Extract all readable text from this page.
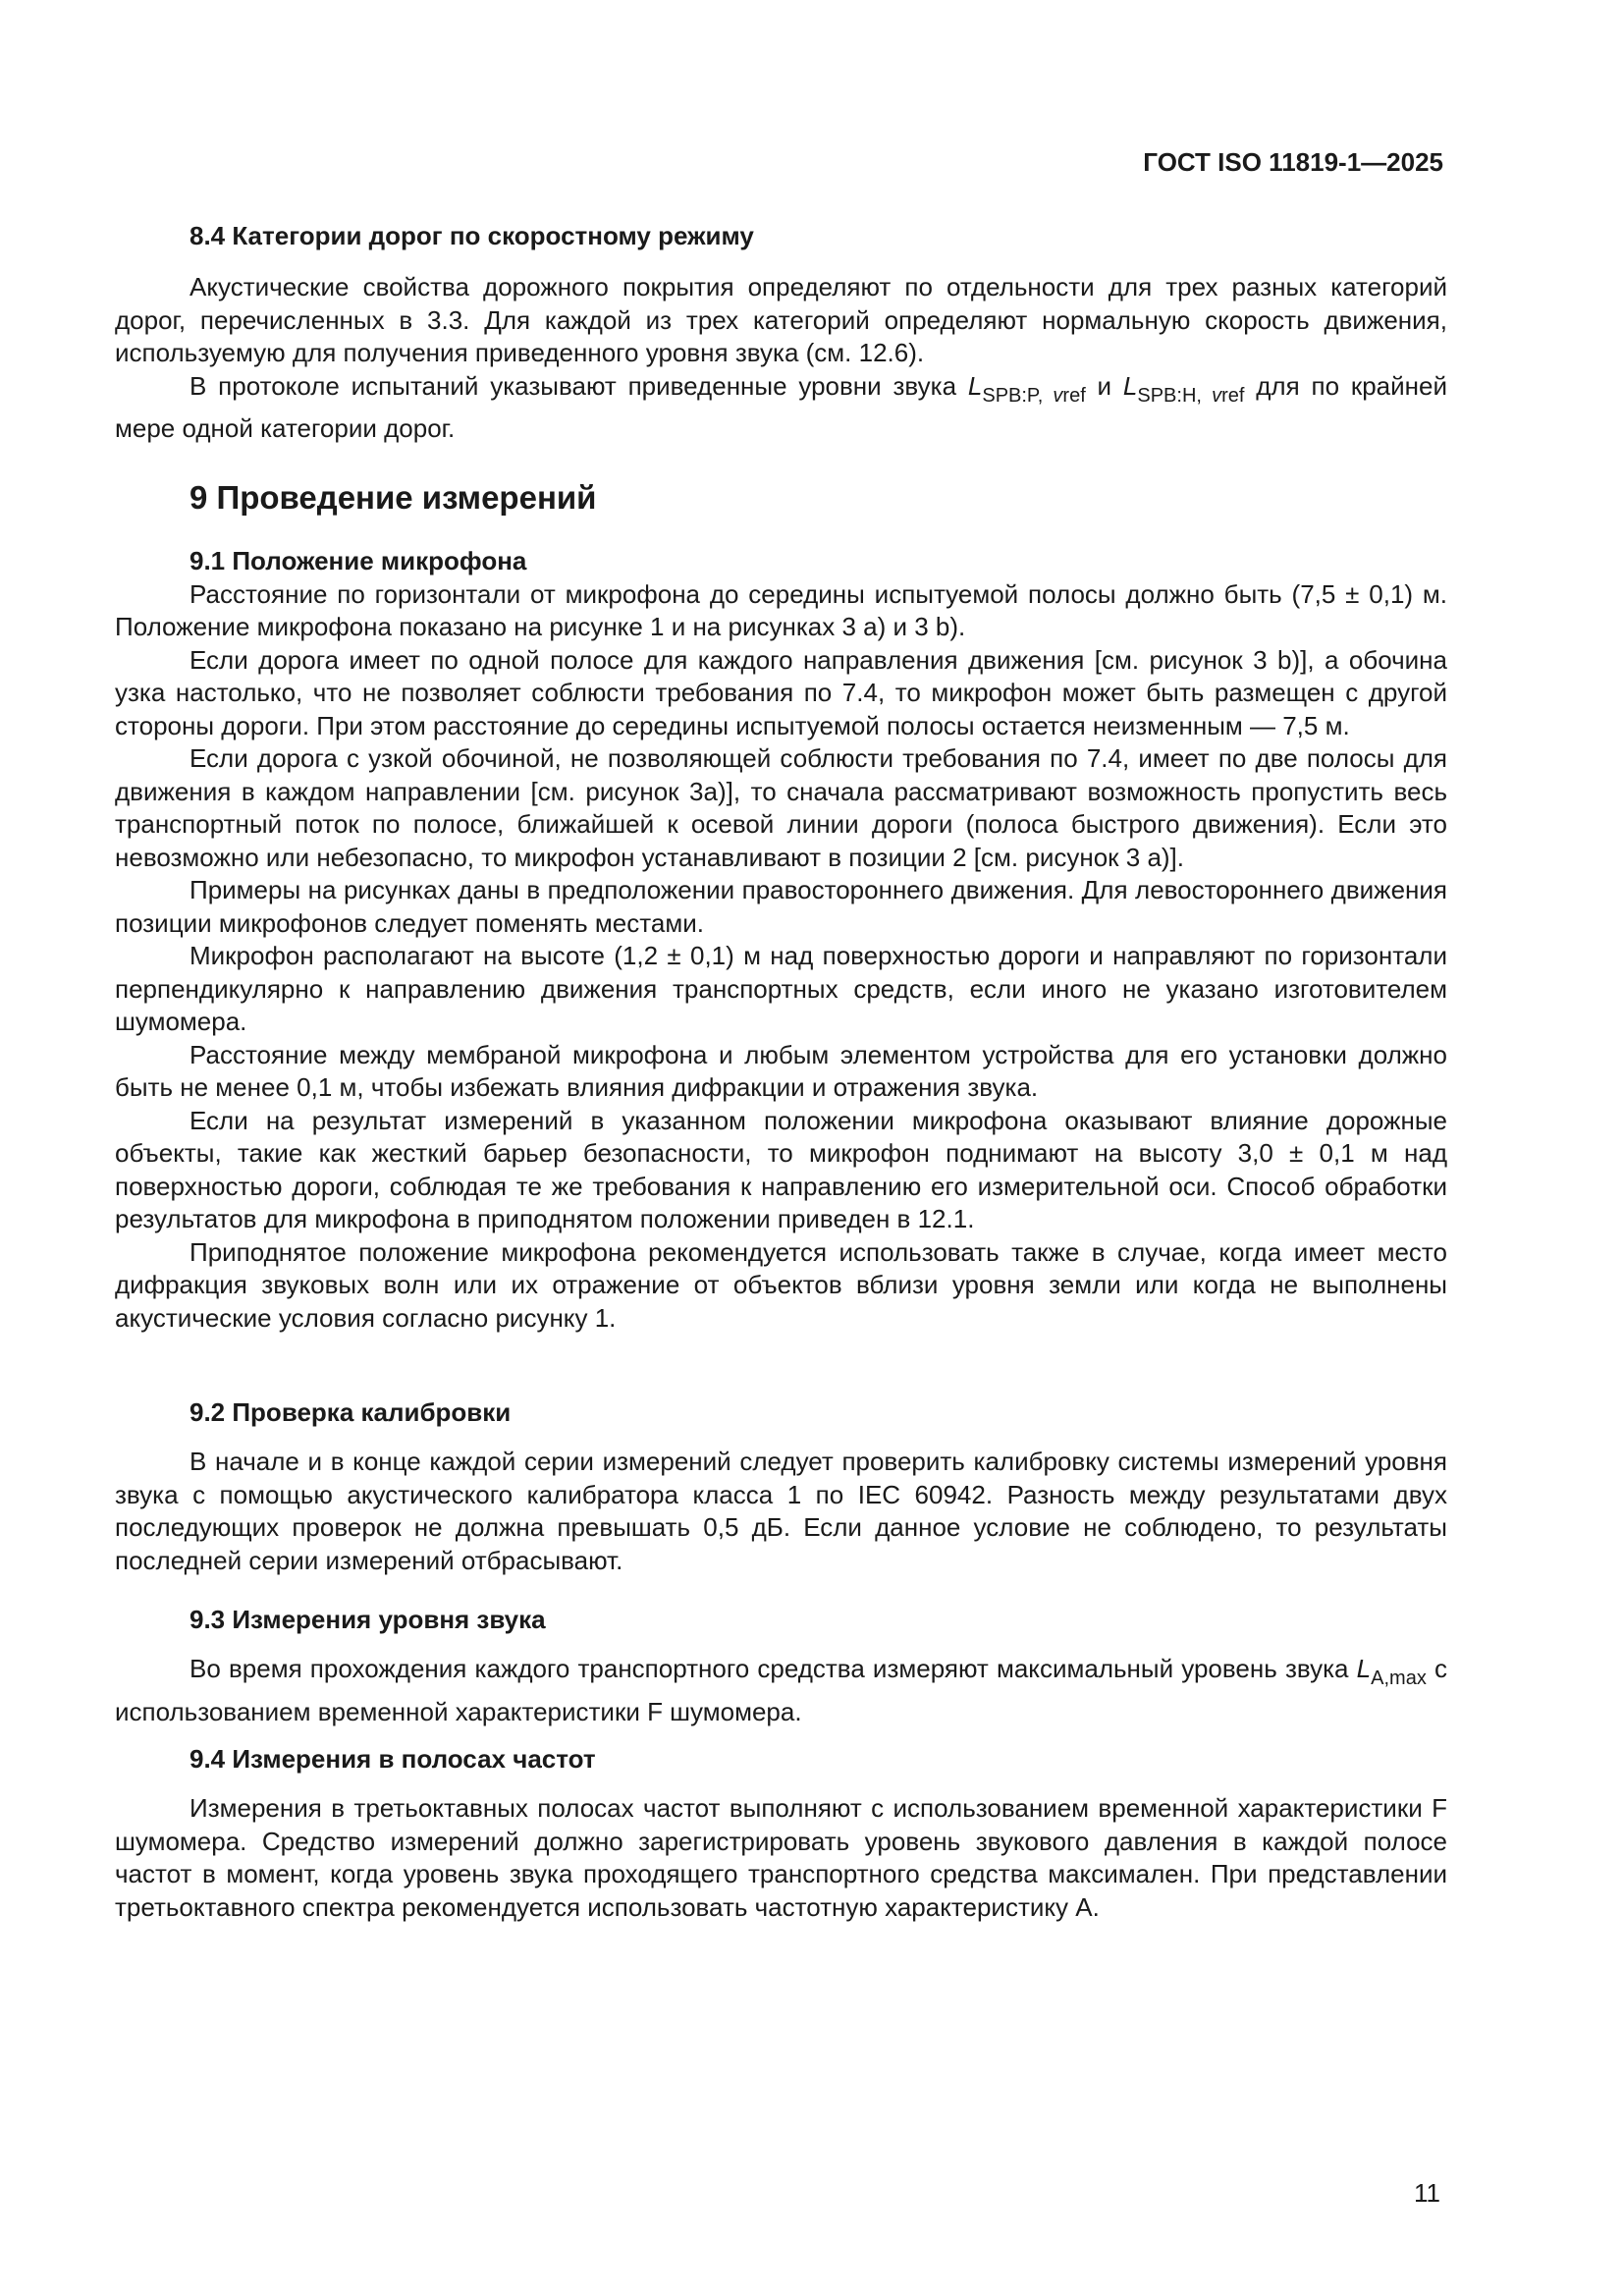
ГОСТ ISO 11819-1—2025
8.4 Категории дорог по скоростному режиму

Акустические свойства дорожного покрытия определяют по отдельности для трех разных категорий дорог, перечисленных в 3.3. Для каждой из трех категорий определяют нормальную скорость движения, используемую для получения приведенного уровня звука (см. 12.6).

В протоколе испытаний указывают приведенные уровни звука $L_{SPB:P, vref}$ и $L_{SPB:H, vref}$ для по крайней мере одной категории дорог.

9 Проведение измерений
9.1 Положение микрофона

Расстояние по горизонтали от микрофона до середины испытуемой полосы должно быть (7,5 ± 0,1) м. Положение микрофона показано на рисунке 1 и на рисунках 3 а) и 3 b).

Если дорога имеет по одной полосе для каждого направления движения [см. рисунок 3 b)], а обочина узка настолько, что не позволяет соблюсти требования по 7.4, то микрофон может быть размещен с другой стороны дороги. При этом расстояние до середины испытуемой полосы остается неизменным — 7,5 м.

Если дорога с узкой обочиной, не позволяющей соблюсти требования по 7.4, имеет по две полосы для движения в каждом направлении [см. рисунок 3а)], то сначала рассматривают возможность пропустить весь транспортный поток по полосе, ближайшей к осевой линии дороги (полоса быстрого движения). Если это невозможно или небезопасно, то микрофон устанавливают в позиции 2 [см. рисунок 3 а)].

Примеры на рисунках даны в предположении правостороннего движения. Для левостороннего движения позиции микрофонов следует поменять местами.

Микрофон располагают на высоте (1,2 ± 0,1) м над поверхностью дороги и направляют по горизонтали перпендикулярно к направлению движения транспортных средств, если иного не указано изготовителем шумомера.

Расстояние между мембраной микрофона и любым элементом устройства для его установки должно быть не менее 0,1 м, чтобы избежать влияния дифракции и отражения звука.

Если на результат измерений в указанном положении микрофона оказывают влияние дорожные объекты, такие как жесткий барьер безопасности, то микрофон поднимают на высоту 3,0 ± 0,1 м над поверхностью дороги, соблюдая те же требования к направлению его измерительной оси. Способ обработки результатов для микрофона в приподнятом положении приведен в 12.1.

Приподнятое положение микрофона рекомендуется использовать также в случае, когда имеет место дифракция звуковых волн или их отражение от объектов вблизи уровня земли или когда не выполнены акустические условия согласно рисунку 1.

9.2 Проверка калибровки

В начале и в конце каждой серии измерений следует проверить калибровку системы измерений уровня звука с помощью акустического калибратора класса 1 по IEC 60942. Разность между результатами двух последующих проверок не должна превышать 0,5 дБ. Если данное условие не соблюдено, то результаты последней серии измерений отбрасывают.

9.3 Измерения уровня звука

Во время прохождения каждого транспортного средства измеряют максимальный уровень звука $L_{A,max}$ с использованием временной характеристики F шумомера.

9.4 Измерения в полосах частот

Измерения в третьоктавных полосах частот выполняют с использованием временной характеристики F шумомера. Средство измерений должно зарегистрировать уровень звукового давления в каждой полосе частот в момент, когда уровень звука проходящего транспортного средства максимален. При представлении третьоктавного спектра рекомендуется использовать частотную характеристику А.

11
